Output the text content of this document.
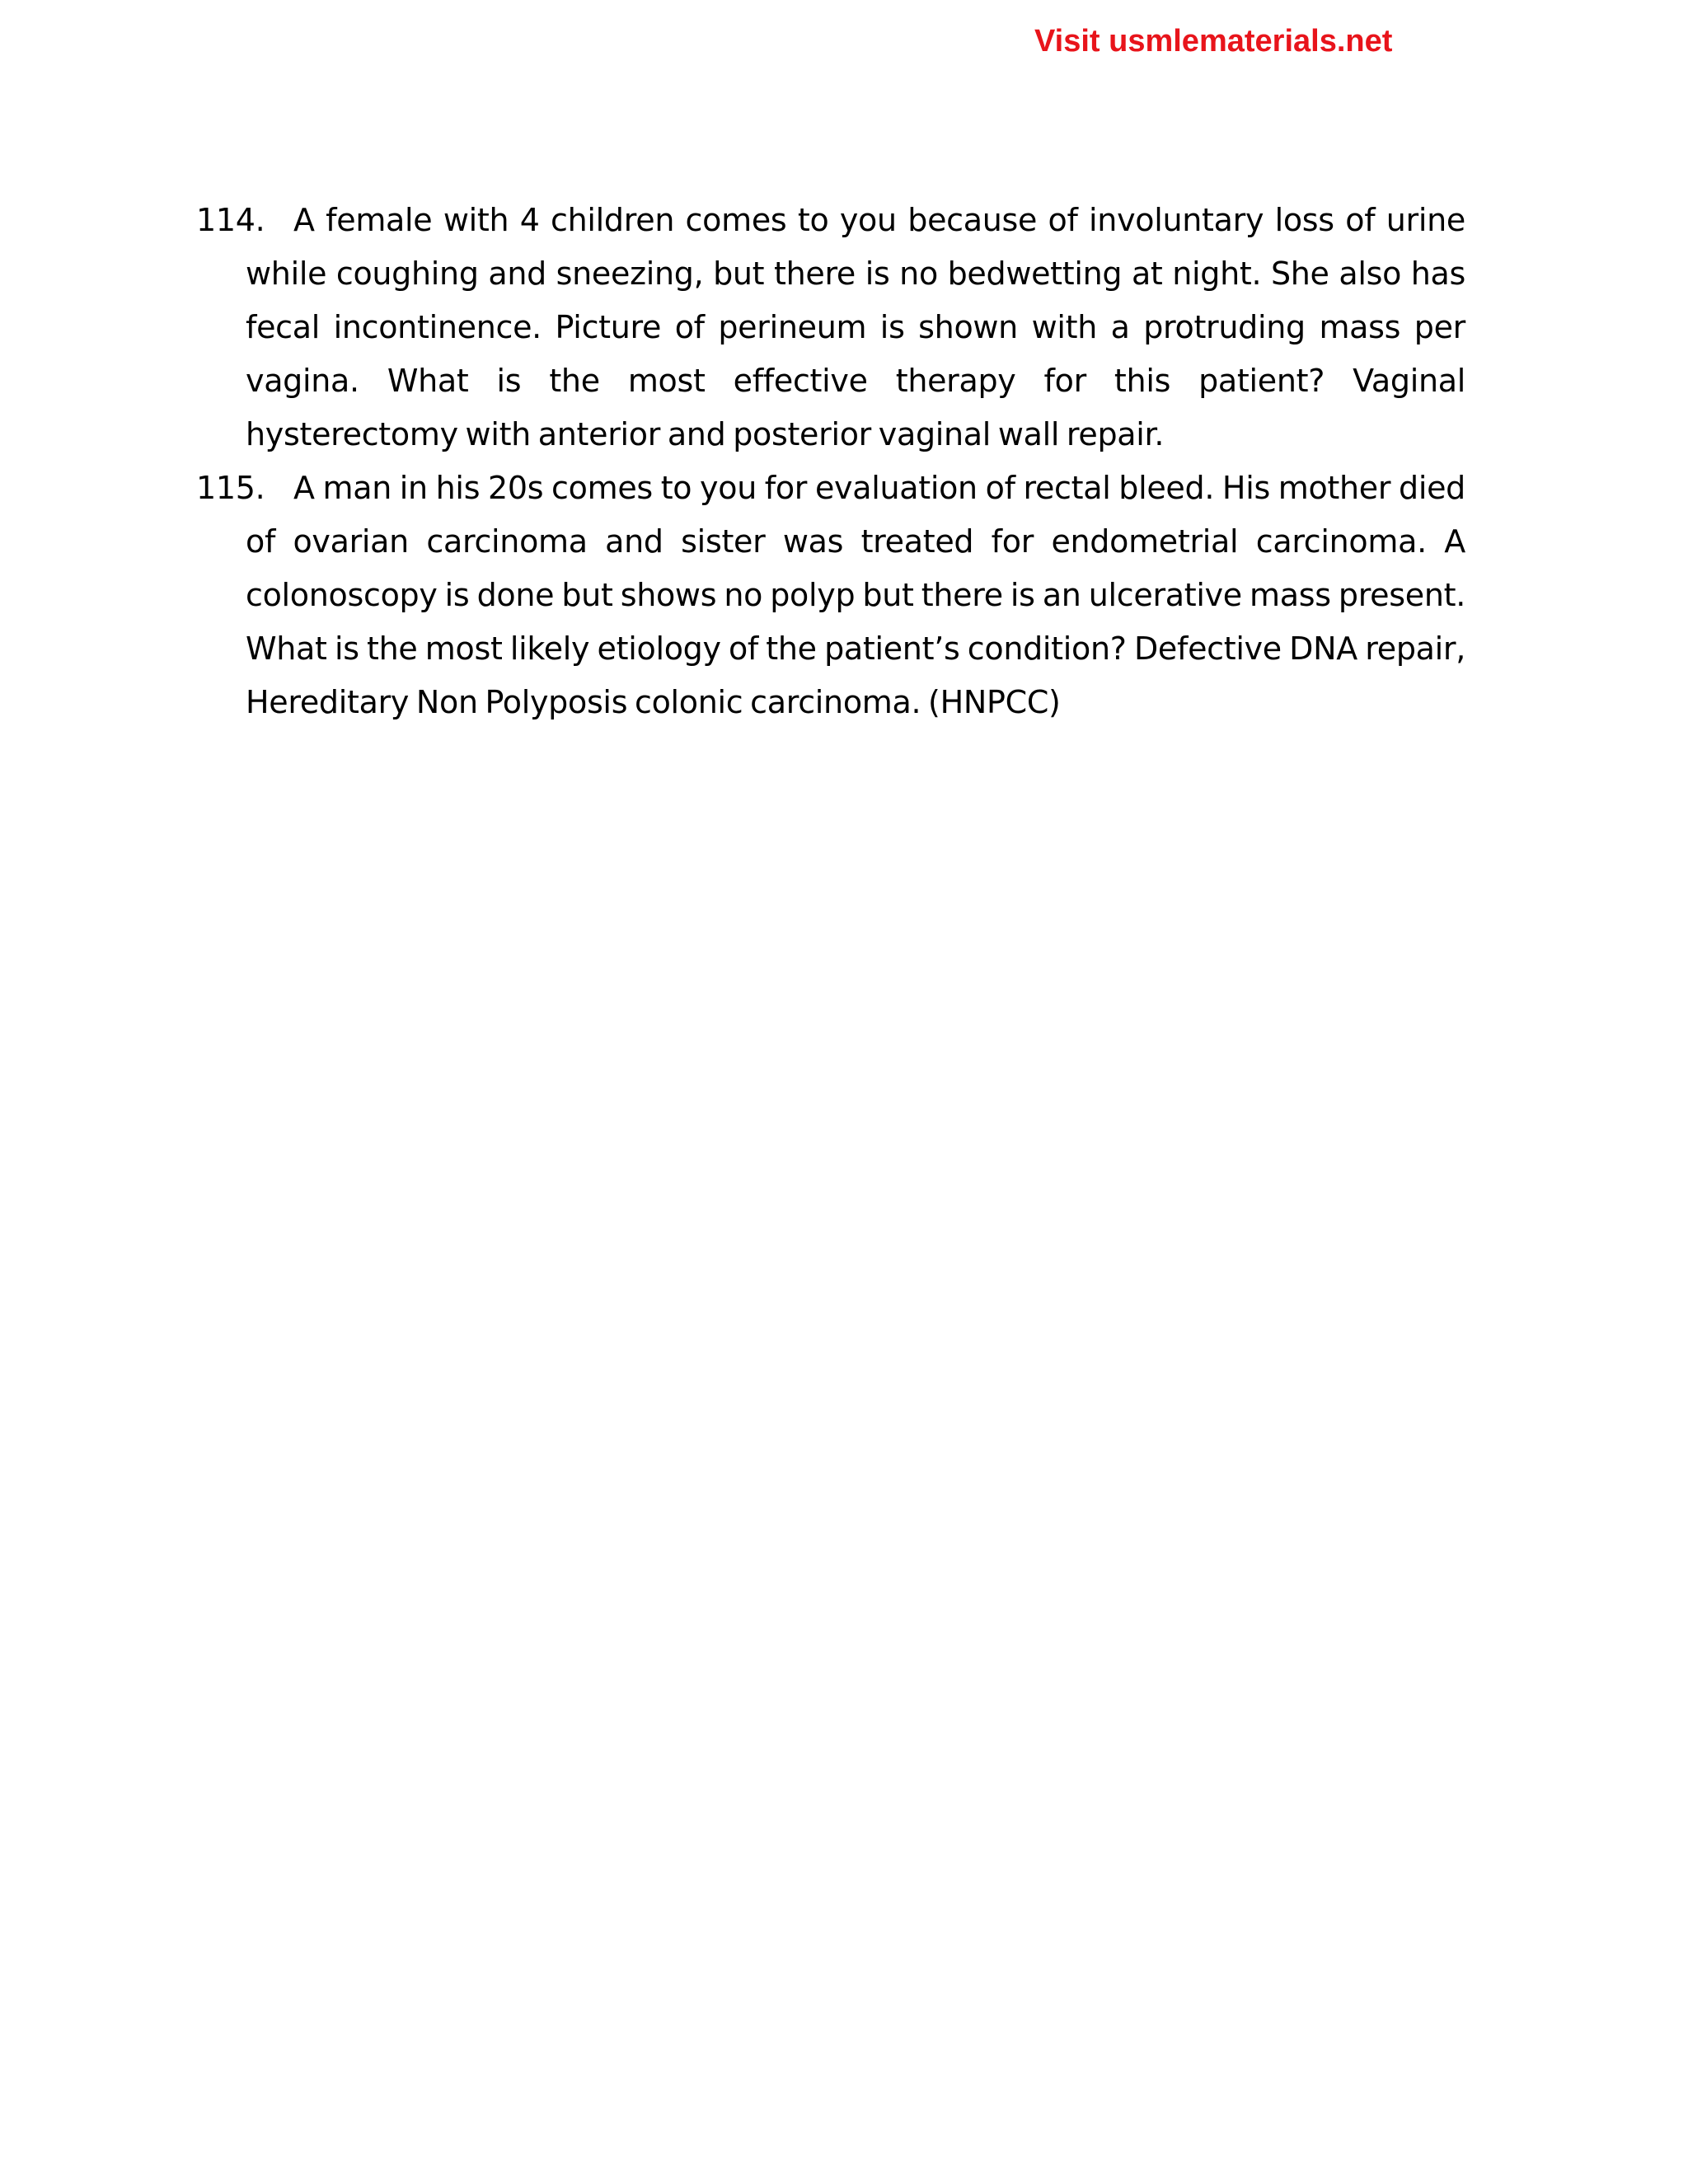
Visit usmlematerials.net
114. A female with 4 children comes to you because of involuntary loss of urine while coughing and sneezing, but there is no bedwetting at night. She also has fecal incontinence. Picture of perineum is shown with a protruding mass per vagina. What is the most effective therapy for this patient? Vaginal hysterectomy with anterior and posterior vaginal wall repair.
115. A man in his 20s comes to you for evaluation of rectal bleed. His mother died of ovarian carcinoma and sister was treated for endometrial carcinoma. A colonoscopy is done but shows no polyp but there is an ulcerative mass present. What is the most likely etiology of the patient’s condition? Defective DNA repair, Hereditary Non Polyposis colonic carcinoma. (HNPCC)
